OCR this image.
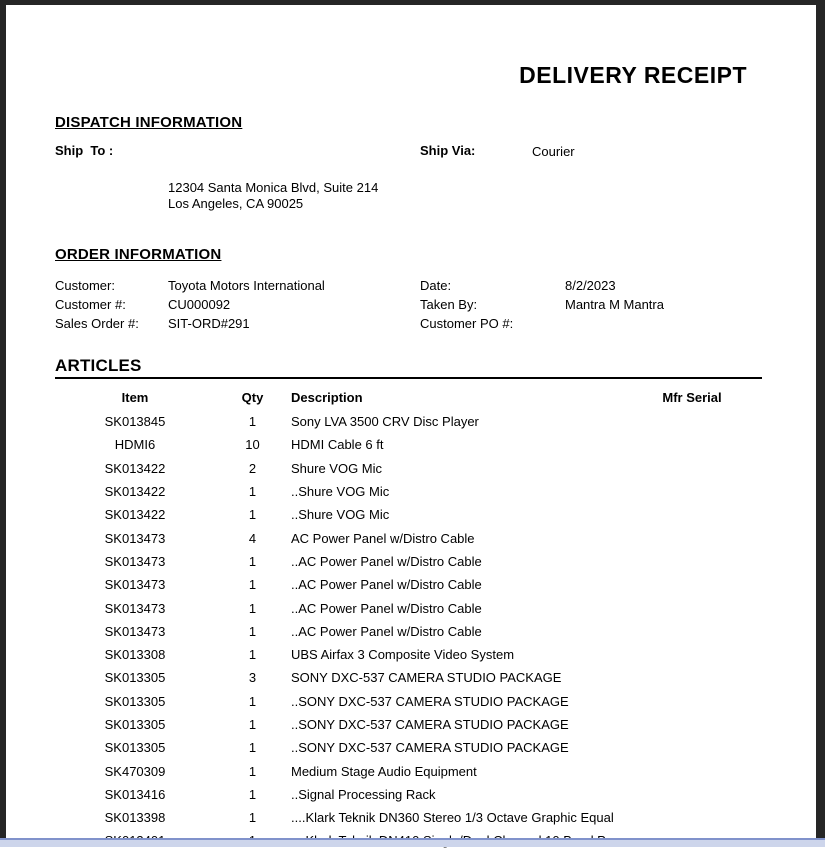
DELIVERY RECEIPT
DISPATCH INFORMATION
Ship  To :	Ship Via:	Courier
12304 Santa Monica Blvd, Suite 214
Los Angeles, CA 90025
ORDER INFORMATION
Customer:	Toyota Motors International	Date:	8/2/2023
Customer #:	CU000092	Taken By:	Mantra M Mantra
Sales Order #: SIT-ORD#291	Customer PO #:
ARTICLES
Item	Qty	Description	Mfr Serial
SK013845	1	Sony LVA 3500 CRV Disc Player
HDMI6	10	HDMI Cable 6 ft
SK013422	2	Shure VOG Mic
SK013422	1	..Shure VOG Mic
SK013422	1	..Shure VOG Mic
SK013473	4	AC Power Panel w/Distro Cable
SK013473	1	..AC Power Panel w/Distro Cable
SK013473	1	..AC Power Panel w/Distro Cable
SK013473	1	..AC Power Panel w/Distro Cable
SK013473	1	..AC Power Panel w/Distro Cable
SK013308	1	UBS Airfax 3 Composite Video System
SK013305	3	SONY DXC-537 CAMERA STUDIO PACKAGE
SK013305	1	..SONY DXC-537 CAMERA STUDIO PACKAGE
SK013305	1	..SONY DXC-537 CAMERA STUDIO PACKAGE
SK013305	1	..SONY DXC-537 CAMERA STUDIO PACKAGE
SK470309	1	Medium Stage Audio Equipment
SK013416	1	..Signal Processing Rack
SK013398	1	....Klark Teknik DN360 Stereo 1/3 Octave Graphic Equal
